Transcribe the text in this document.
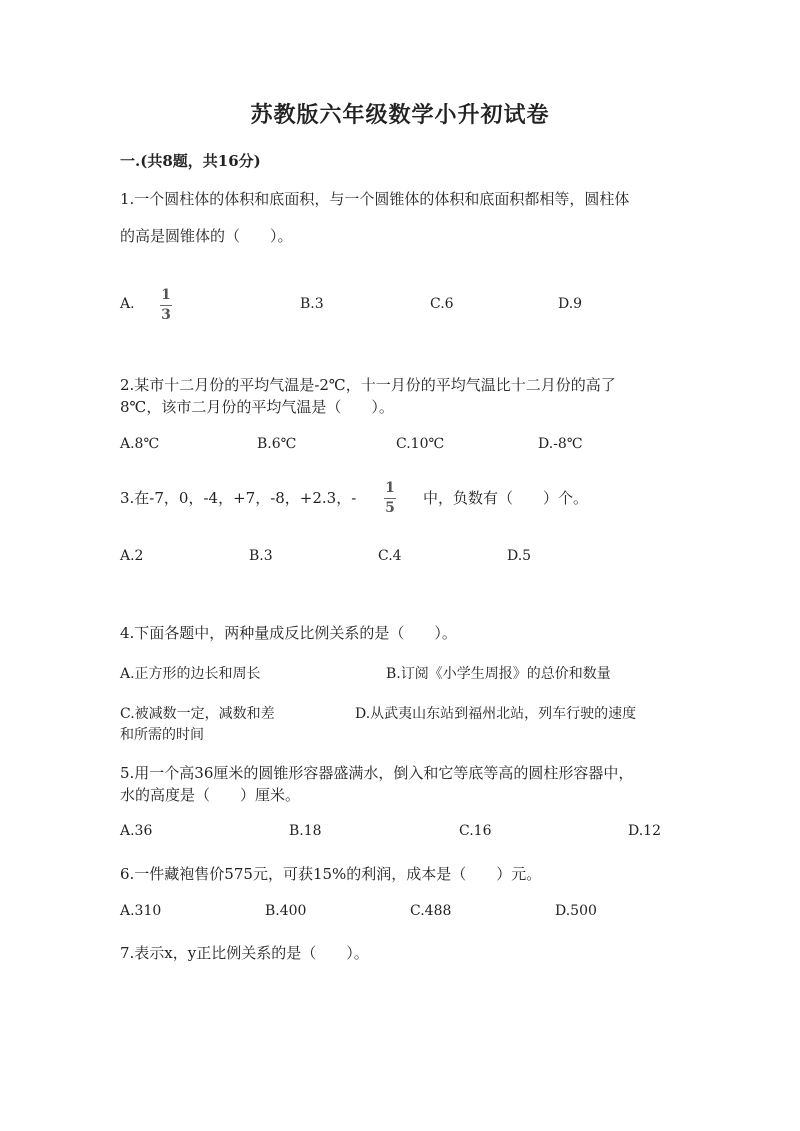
苏教版六年级数学小升初试卷
一.(共8题，共16分)
1.一个圆柱体的体积和底面积，与一个圆锥体的体积和底面积都相等，圆柱体
的高是圆锥体的（　　）。
A. $\frac{1}{3}$	B.3	C.6	D.9
2.某市十二月份的平均气温是-2℃，十一月份的平均气温比十二月份的高了
8℃，该市二月份的平均气温是（　　）。
A.8℃	B.6℃	C.10℃	D.-8℃
3.在-7，0，-4，+7，-8，+2.3，- $\frac{1}{5}$ 中，负数有（　　）个。
A.2	B.3	C.4	D.5
4.下面各题中，两种量成反比例关系的是（　　）。
A.正方形的边长和周长	B.订阅《小学生周报》的总价和数量
C.被减数一定，减数和差	D.从武夷山东站到福州北站，列车行驶的速度
和所需的时间
5.用一个高36厘米的圆锥形容器盛满水，倒入和它等底等高的圆柱形容器中，
水的高度是（　　）厘米。
A.36	B.18	C.16	D.12
6.一件藏袍售价575元，可获15%的利润，成本是（　　）元。
A.310	B.400	C.488	D.500
7.表示x，y正比例关系的是（　　）。
